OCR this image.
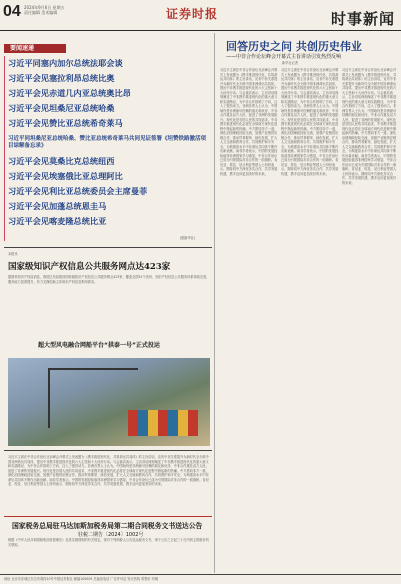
04 2024年9月6日 星期五
责任编辑 美术编辑	证券时报	时事新闻
要闻速递
习近平同塞内加尔总统法耶会谈
习近平会见塞拉利昂总统比奥
习近平会见赤道几内亚总统奥比昂
习近平会见坦桑尼亚总统哈桑
习近平会见赞比亚总统希奇莱马
习近平同坦桑尼亚总统哈桑、赞比亚总统希奇莱马共同见证签署《坦赞铁路激活项目谅解备忘录》
习近平会见莫桑比克总统纽西
习近平会见埃塞俄比亚总理阿比
习近平会见利比亚总统委员会主席曼菲
习近平会见加蓬总统恩圭马
习近平会见喀麦隆总统比亚
(据新华社)
本报讯
国家级知识产权信息公共服务网点达423家
据国家知识产权局消息，我国已布局建设国家级知识产权信息公共服务网点423家，覆盖全国31个省份，知识产权信息公共服务体系持续完善，服务能力显著提升，有力支撑创新主体知识产权信息利用需求。
超大型风电融合网船平台“拱泰一号”正式投运
习近平主席在中非合作论坛北京峰会开幕式上发表题为《携手推进现代化，共筑命运共同体》的主旨讲话，宣布中非关系提升为新时代全天候中国非洲命运共同体，提出中非携手推进现代化的六大主张和十大伙伴行动。与会嘉宾表示，主旨讲话深刻阐述了中非携手推进现代化的重大意义和实践路径，为中非合作指明了方向，注入了强劲动力。非洲各界人士认为，中国始终是非洲最可信赖的朋友和伙伴，中非合作惠及双方人民，促进了非洲的发展振兴。现代化是各国人民的共同追求，中非携手推进现代化必将在全球南方现代化进程中掀起新的热潮。中方愿同非方一道，深化治国理政经验交流，加强产业链供应链合作，推动贸易繁荣、绿色发展，扩大人文交流和教育合作，共同维护和平安全，为构建高水平中非命运共同体不断作出新贡献。南非学者表示，中国的发展经验值得非洲国家学习借鉴，中非合作论坛已成为引领国际对非合作的一面旗帜。肯尼亚、埃及、尼日利亚等国人士纷纷表示，期待同中方深化务实合作，共享发展机遇，携手迈向更加美好的未来。
国家税务总局驻马达加斯加税务局第二期合同税务文书送达公告
驻税二期告〔2024〕1002号
根据《中华人民共和国税收征收管理法》及其实施细则的有关规定，现对下列纳税人公告送达税务文书，请于公告之日起三十日内到主管税务机关领取。
回答历史之问 共创历史伟业
——中非合作论坛峰会开幕式主旨讲话引发热烈反响
新华社记者
习近平主席在中非合作论坛北京峰会开幕式上发表题为《携手推进现代化，共筑命运共同体》的主旨讲话，宣布中非关系提升为新时代全天候中国非洲命运共同体，提出中非携手推进现代化的六大主张和十大伙伴行动。与会嘉宾表示，主旨讲话深刻阐述了中非携手推进现代化的重大意义和实践路径，为中非合作指明了方向，注入了强劲动力。非洲各界人士认为，中国始终是非洲最可信赖的朋友和伙伴，中非合作惠及双方人民，促进了非洲的发展振兴。现代化是各国人民的共同追求，中非携手推进现代化必将在全球南方现代化进程中掀起新的热潮。中方愿同非方一道，深化治国理政经验交流，加强产业链供应链合作，推动贸易繁荣、绿色发展，扩大人文交流和教育合作，共同维护和平安全，为构建高水平中非命运共同体不断作出新贡献。南非学者表示，中国的发展经验值得非洲国家学习借鉴，中非合作论坛已成为引领国际对非合作的一面旗帜。肯尼亚、埃及、尼日利亚等国人士纷纷表示，期待同中方深化务实合作，共享发展机遇，携手迈向更加美好的未来。
习近平主席在中非合作论坛北京峰会开幕式上发表题为《携手推进现代化，共筑命运共同体》的主旨讲话，宣布中非关系提升为新时代全天候中国非洲命运共同体，提出中非携手推进现代化的六大主张和十大伙伴行动。与会嘉宾表示，主旨讲话深刻阐述了中非携手推进现代化的重大意义和实践路径，为中非合作指明了方向，注入了强劲动力。非洲各界人士认为，中国始终是非洲最可信赖的朋友和伙伴，中非合作惠及双方人民，促进了非洲的发展振兴。现代化是各国人民的共同追求，中非携手推进现代化必将在全球南方现代化进程中掀起新的热潮。中方愿同非方一道，深化治国理政经验交流，加强产业链供应链合作，推动贸易繁荣、绿色发展，扩大人文交流和教育合作，共同维护和平安全，为构建高水平中非命运共同体不断作出新贡献。南非学者表示，中国的发展经验值得非洲国家学习借鉴，中非合作论坛已成为引领国际对非合作的一面旗帜。肯尼亚、埃及、尼日利亚等国人士纷纷表示，期待同中方深化务实合作，共享发展机遇，携手迈向更加美好的未来。
习近平主席在中非合作论坛北京峰会开幕式上发表题为《携手推进现代化，共筑命运共同体》的主旨讲话，宣布中非关系提升为新时代全天候中国非洲命运共同体，提出中非携手推进现代化的六大主张和十大伙伴行动。与会嘉宾表示，主旨讲话深刻阐述了中非携手推进现代化的重大意义和实践路径，为中非合作指明了方向，注入了强劲动力。非洲各界人士认为，中国始终是非洲最可信赖的朋友和伙伴，中非合作惠及双方人民，促进了非洲的发展振兴。现代化是各国人民的共同追求，中非携手推进现代化必将在全球南方现代化进程中掀起新的热潮。中方愿同非方一道，深化治国理政经验交流，加强产业链供应链合作，推动贸易繁荣、绿色发展，扩大人文交流和教育合作，共同维护和平安全，为构建高水平中非命运共同体不断作出新贡献。南非学者表示，中国的发展经验值得非洲国家学习借鉴，中非合作论坛已成为引领国际对非合作的一面旗帜。肯尼亚、埃及、尼日利亚等国人士纷纷表示，期待同中方深化务实合作，共享发展机遇，携手迈向更加美好的未来。
地址 北京市东城区东总布胡同10号中国证券报社 邮编100005 总编室电话 广告许可证 发行热线 零售价 印刷
